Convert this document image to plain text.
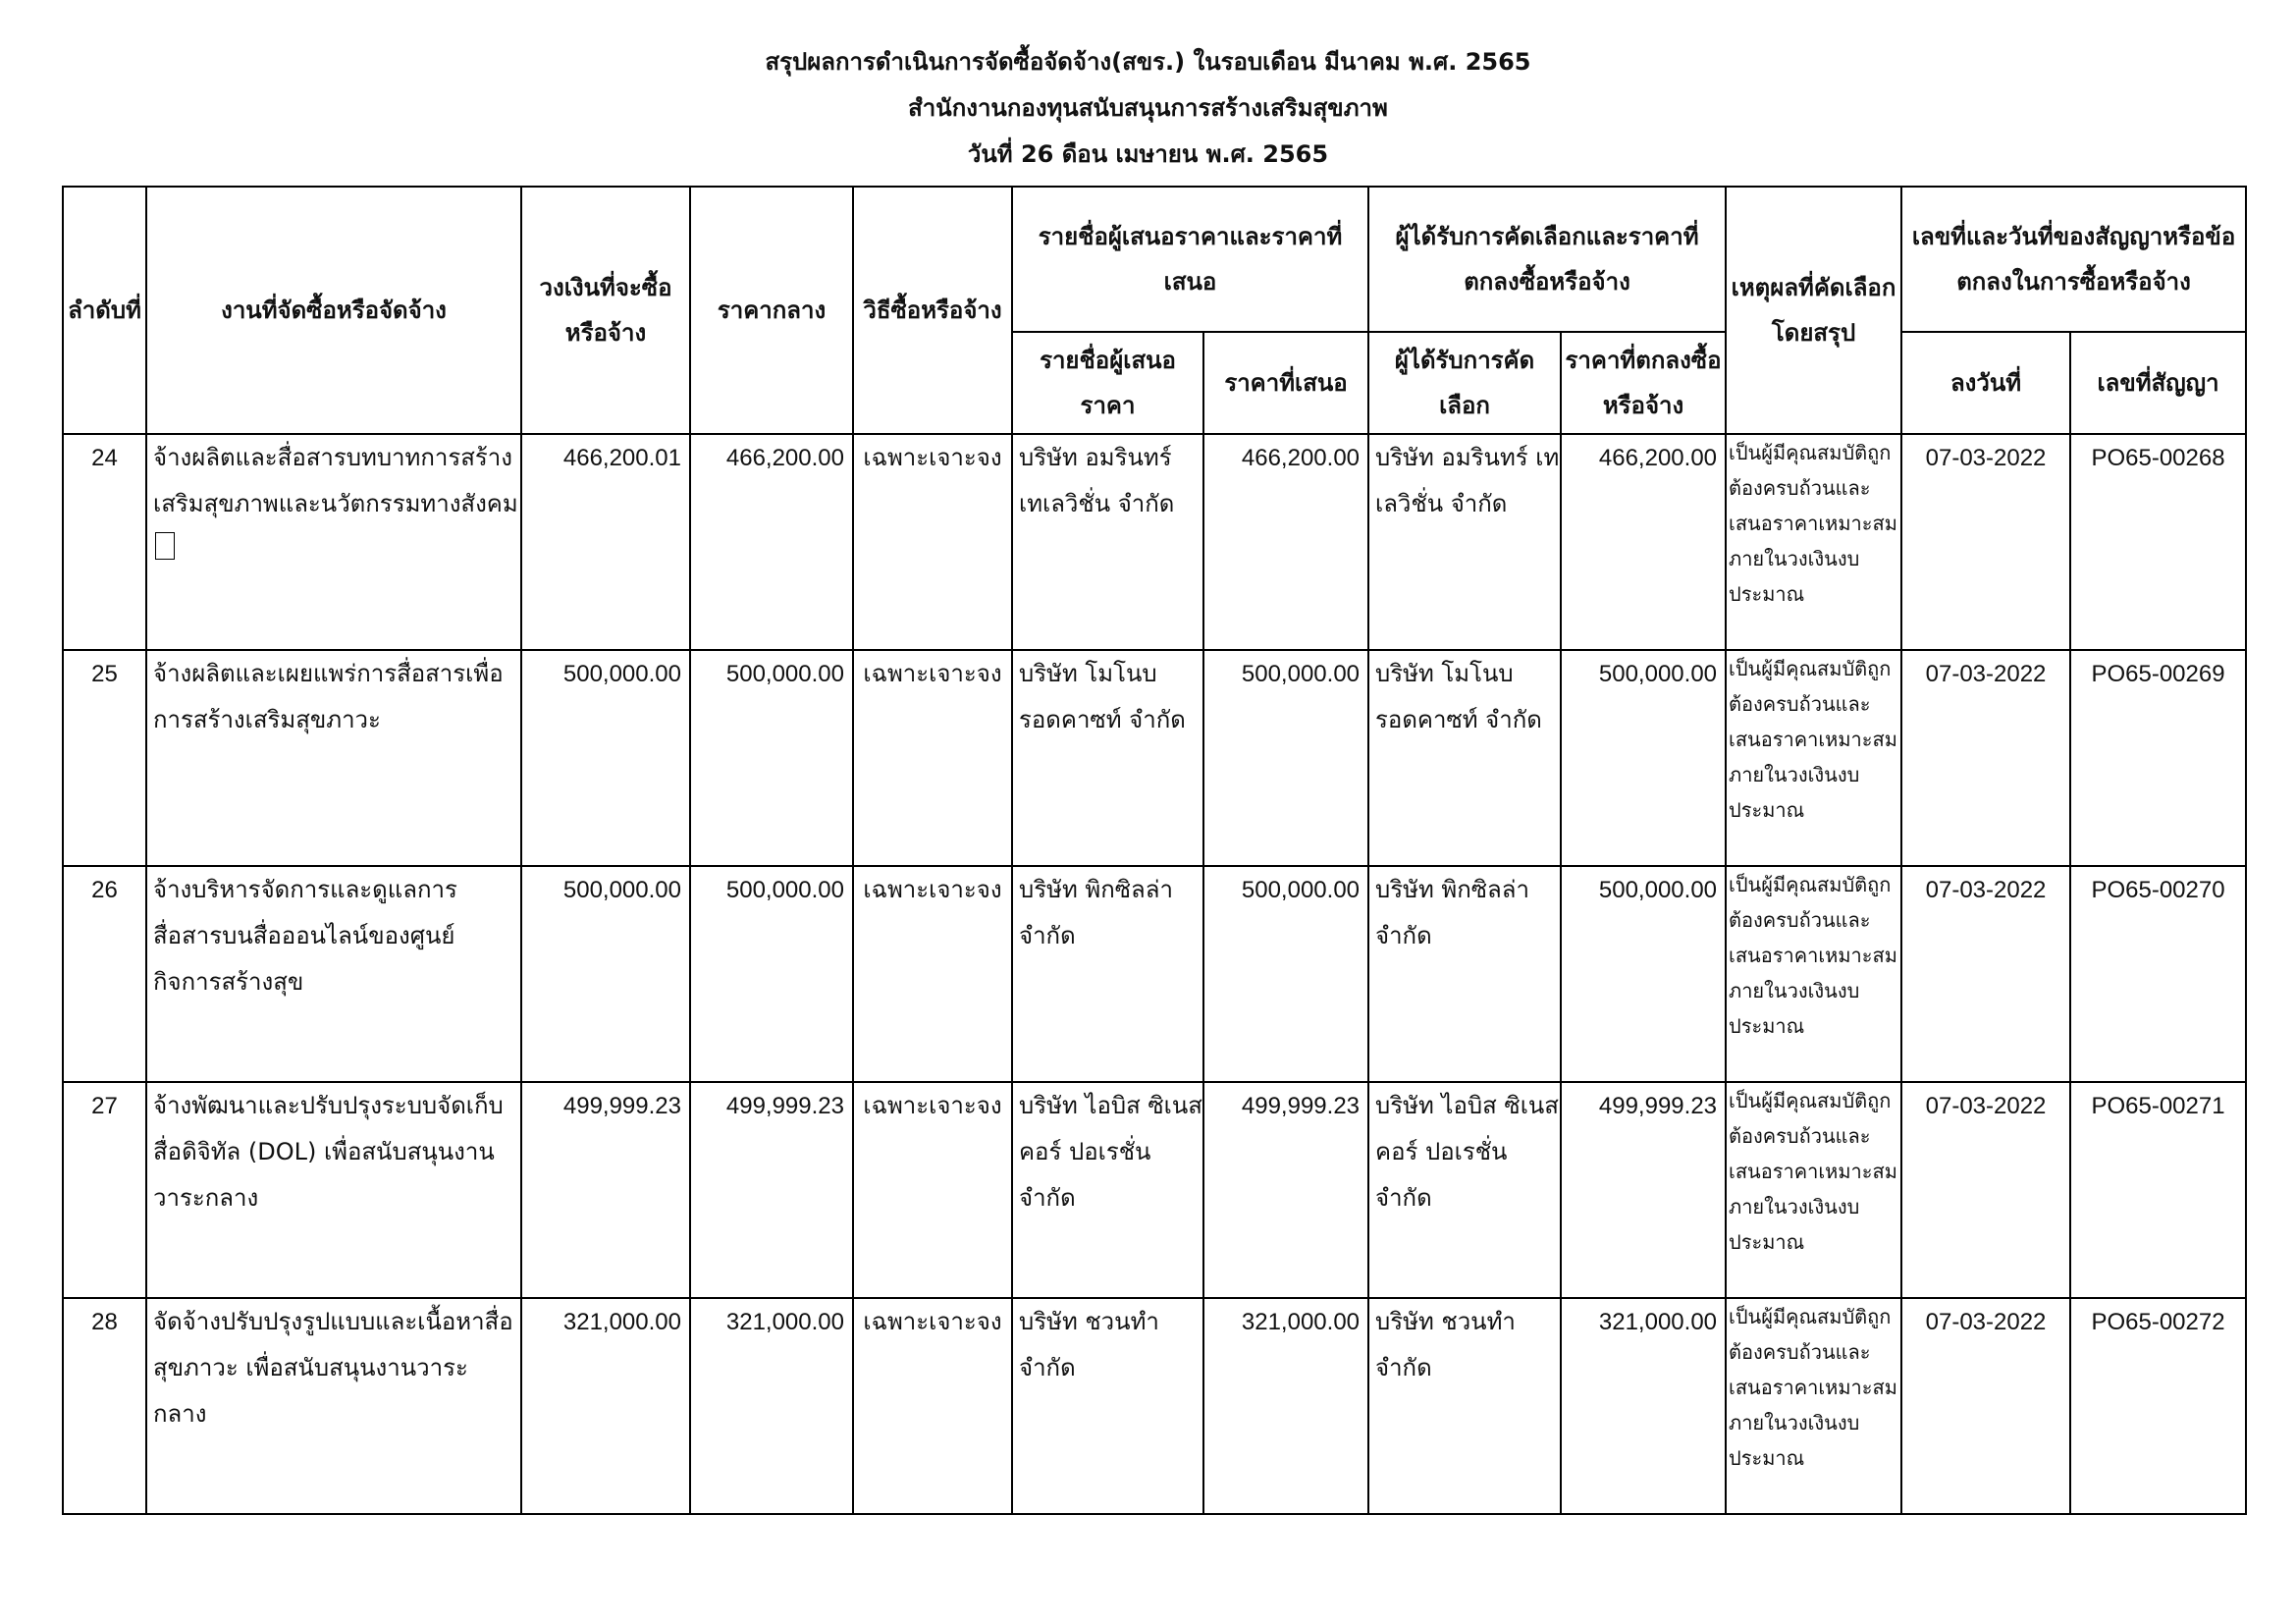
สรุปผลการดำเนินการจัดซื้อจัดจ้าง(สขร.) ในรอบเดือน มีนาคม พ.ศ. 2565
สำนักงานกองทุนสนับสนุนการสร้างเสริมสุขภาพ
วันที่ 26 ดือน เมษายน พ.ศ. 2565
ลำดับที่	งานที่จัดซื้อหรือจัดจ้าง	วงเงินที่จะซื้อหรือจ้าง	ราคากลาง	วิธีซื้อหรือจ้าง	รายชื่อผู้เสนอราคาและราคาที่เสนอ		ผู้ได้รับการคัดเลือกและราคาที่ตกลงซื้อหรือจ้าง		เหตุผลที่คัดเลือกโดยสรุป	เลขที่และวันที่ของสัญญาหรือข้อตกลงในการซื้อหรือจ้าง	
					รายชื่อผู้เสนอราคา	ราคาที่เสนอ	ผู้ได้รับการคัดเลือก	ราคาที่ตกลงซื้อหรือจ้าง		ลงวันที่	เลขที่สัญญา
24	จ้างผลิตและสื่อสารบทบาทการสร้างเสริมสุขภาพและนวัตกรรมทางสังคม	466,200.01	466,200.00	เฉพาะเจาะจง	บริษัท อมรินทร์ เทเลวิชั่น จำกัด	466,200.00	บริษัท อมรินทร์ เทเลวิชั่น จำกัด	466,200.00	เป็นผู้มีคุณสมบัติถูกต้องครบถ้วนและเสนอราคาเหมาะสมภายในวงเงินงบประมาณ	07-03-2022	PO65-00268
25	จ้างผลิตและเผยแพร่การสื่อสารเพื่อการสร้างเสริมสุขภาวะ	500,000.00	500,000.00	เฉพาะเจาะจง	บริษัท โมโนบ รอดคาซท์ จำกัด	500,000.00	บริษัท โมโนบ รอดคาซท์ จำกัด	500,000.00	เป็นผู้มีคุณสมบัติถูกต้องครบถ้วนและเสนอราคาเหมาะสมภายในวงเงินงบประมาณ	07-03-2022	PO65-00269
26	จ้างบริหารจัดการและดูแลการสื่อสารบนสื่อออนไลน์ของศูนย์กิจการสร้างสุข	500,000.00	500,000.00	เฉพาะเจาะจง	บริษัท พิกซิลล่า จำกัด	500,000.00	บริษัท พิกซิลล่า จำกัด	500,000.00	เป็นผู้มีคุณสมบัติถูกต้องครบถ้วนและเสนอราคาเหมาะสมภายในวงเงินงบประมาณ	07-03-2022	PO65-00270
27	จ้างพัฒนาและปรับปรุงระบบจัดเก็บสื่อดิจิทัล (DOL) เพื่อสนับสนุนงานวาระกลาง	499,999.23	499,999.23	เฉพาะเจาะจง	บริษัท ไอบิส ซิเนส คอร์ ปอเรชั่น จำกัด	499,999.23	บริษัท ไอบิส ซิเนส คอร์ ปอเรชั่น จำกัด	499,999.23	เป็นผู้มีคุณสมบัติถูกต้องครบถ้วนและเสนอราคาเหมาะสมภายในวงเงินงบประมาณ	07-03-2022	PO65-00271
28	จัดจ้างปรับปรุงรูปแบบและเนื้อหาสื่อสุขภาวะ เพื่อสนับสนุนงานวาระกลาง	321,000.00	321,000.00	เฉพาะเจาะจง	บริษัท ชวนทำ จำกัด	321,000.00	บริษัท ชวนทำ จำกัด	321,000.00	เป็นผู้มีคุณสมบัติถูกต้องครบถ้วนและเสนอราคาเหมาะสมภายในวงเงินงบประมาณ	07-03-2022	PO65-00272
